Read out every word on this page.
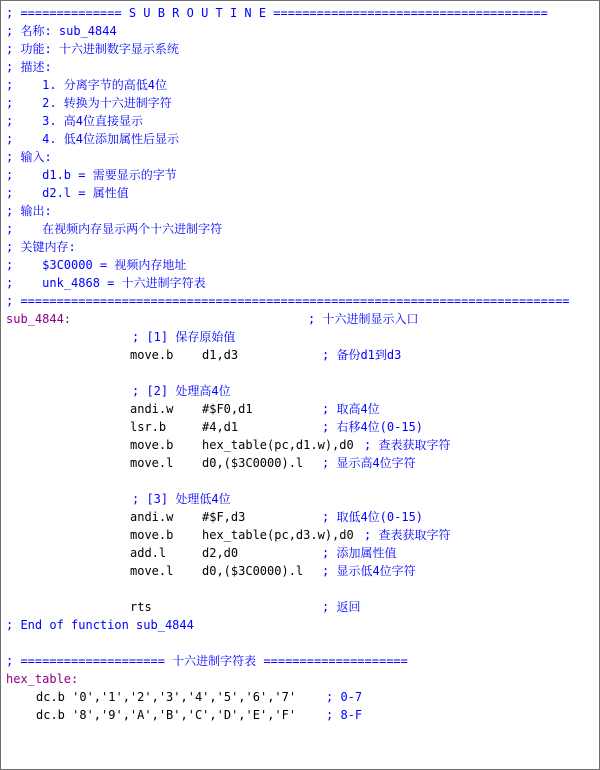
; ============== S U B R O U T I N E ======================================
; 名称: sub_4844
; 功能: 十六进制数字显示系统
; 描述:
;    1. 分离字节的高低4位
;    2. 转换为十六进制字符
;    3. 高4位直接显示
;    4. 低4位添加属性后显示
; 输入:
;    d1.b = 需要显示的字节
;    d2.l = 属性值
; 输出:
;    在视频内存显示两个十六进制字符
; 关键内存:
;    $3C0000 = 视频内存地址
;    unk_4868 = 十六进制字符表
; ============================================================================

sub_4844:

	; 十六进制显示入口

; [1] 保存原始值

move.b

d1,d3

	; 备份d1到d3

; [2] 处理高4位

andi.w

#$F0,d1

	; 取高4位

lsr.b

	#4,d1

	; 右移4位(0-15)

move.b

hex_table(pc,d1.w),d0

; 查表获取字符

move.l

d0,($3C0000).l

; 显示高4位字符

; [3] 处理低4位

andi.w

#$F,d3

	; 取低4位(0-15)

move.b

hex_table(pc,d3.w),d0

; 查表获取字符

add.l

	d2,d0

	; 添加属性值

move.l

d0,($3C0000).l

; 显示低4位字符

rts

	; 返回

; End of function sub_4844
; ==================== 十六进制字符表 ====================

hex_table:

dc.b '0','1','2','3','4','5','6','7'

; 0-7

dc.b '8','9','A','B','C','D','E','F'

; 8-F
